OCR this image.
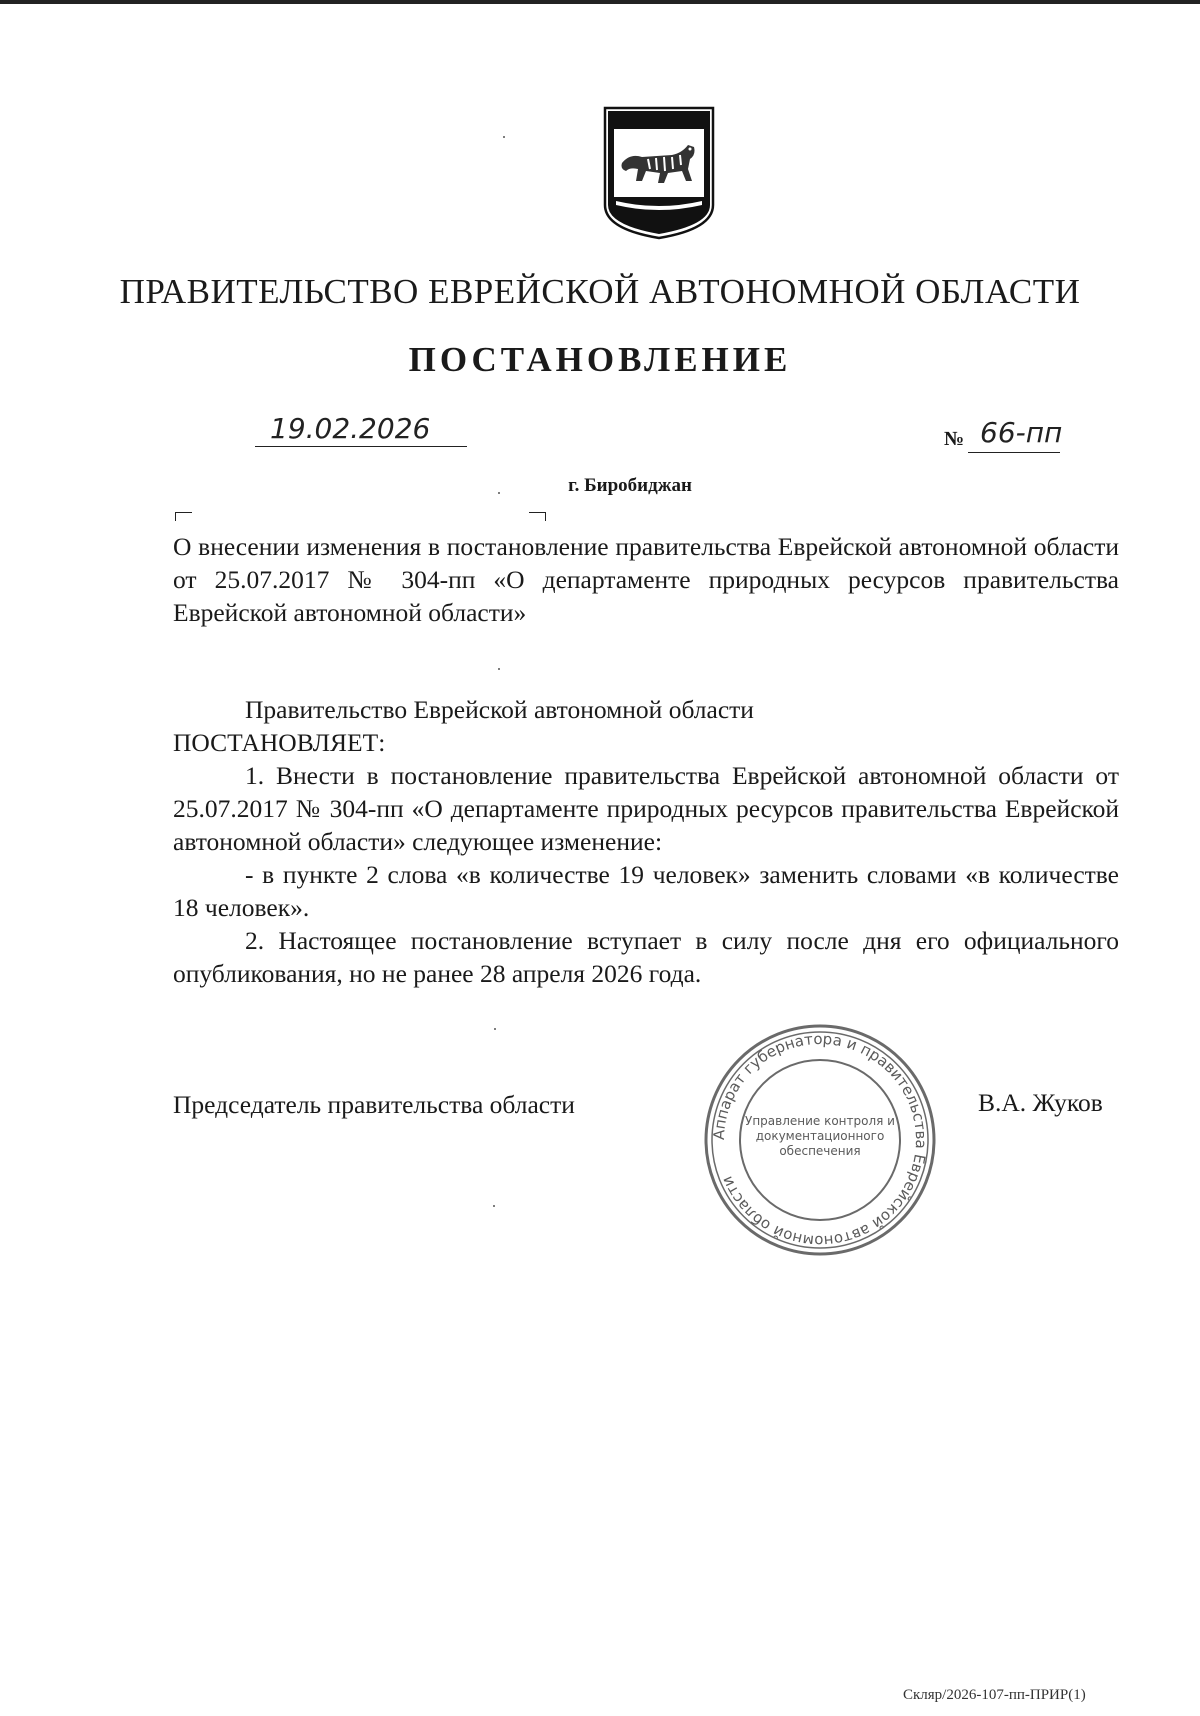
ПРАВИТЕЛЬСТВО ЕВРЕЙСКОЙ АВТОНОМНОЙ ОБЛАСТИ
ПОСТАНОВЛЕНИЕ
19.02.2026	№ 66-пп
г. Биробиджан

О внесении изменения в постановление правительства Еврейской автономной области от 25.07.2017 № 304-пп «О департаменте природных ресурсов правительства Еврейской автономной области»

Правительство Еврейской автономной области

ПОСТАНОВЛЯЕТ:

1. Внести в постановление правительства Еврейской автономной области от 25.07.2017 № 304-пп «О департаменте природных ресурсов правительства Еврейской автономной области» следующее изменение:

- в пункте 2 слова «в количестве 19 человек» заменить словами «в количестве 18 человек».

2. Настоящее постановление вступает в силу после дня его официального опубликования, но не ранее 28 апреля 2026 года.

Председатель правительства области	В.А. Жуков
Аппарат губернатора и правительства Еврейской автономной области
Управление контроля и документационного обеспечения
Скляр/2026-107-пп-ПРИР(1)
